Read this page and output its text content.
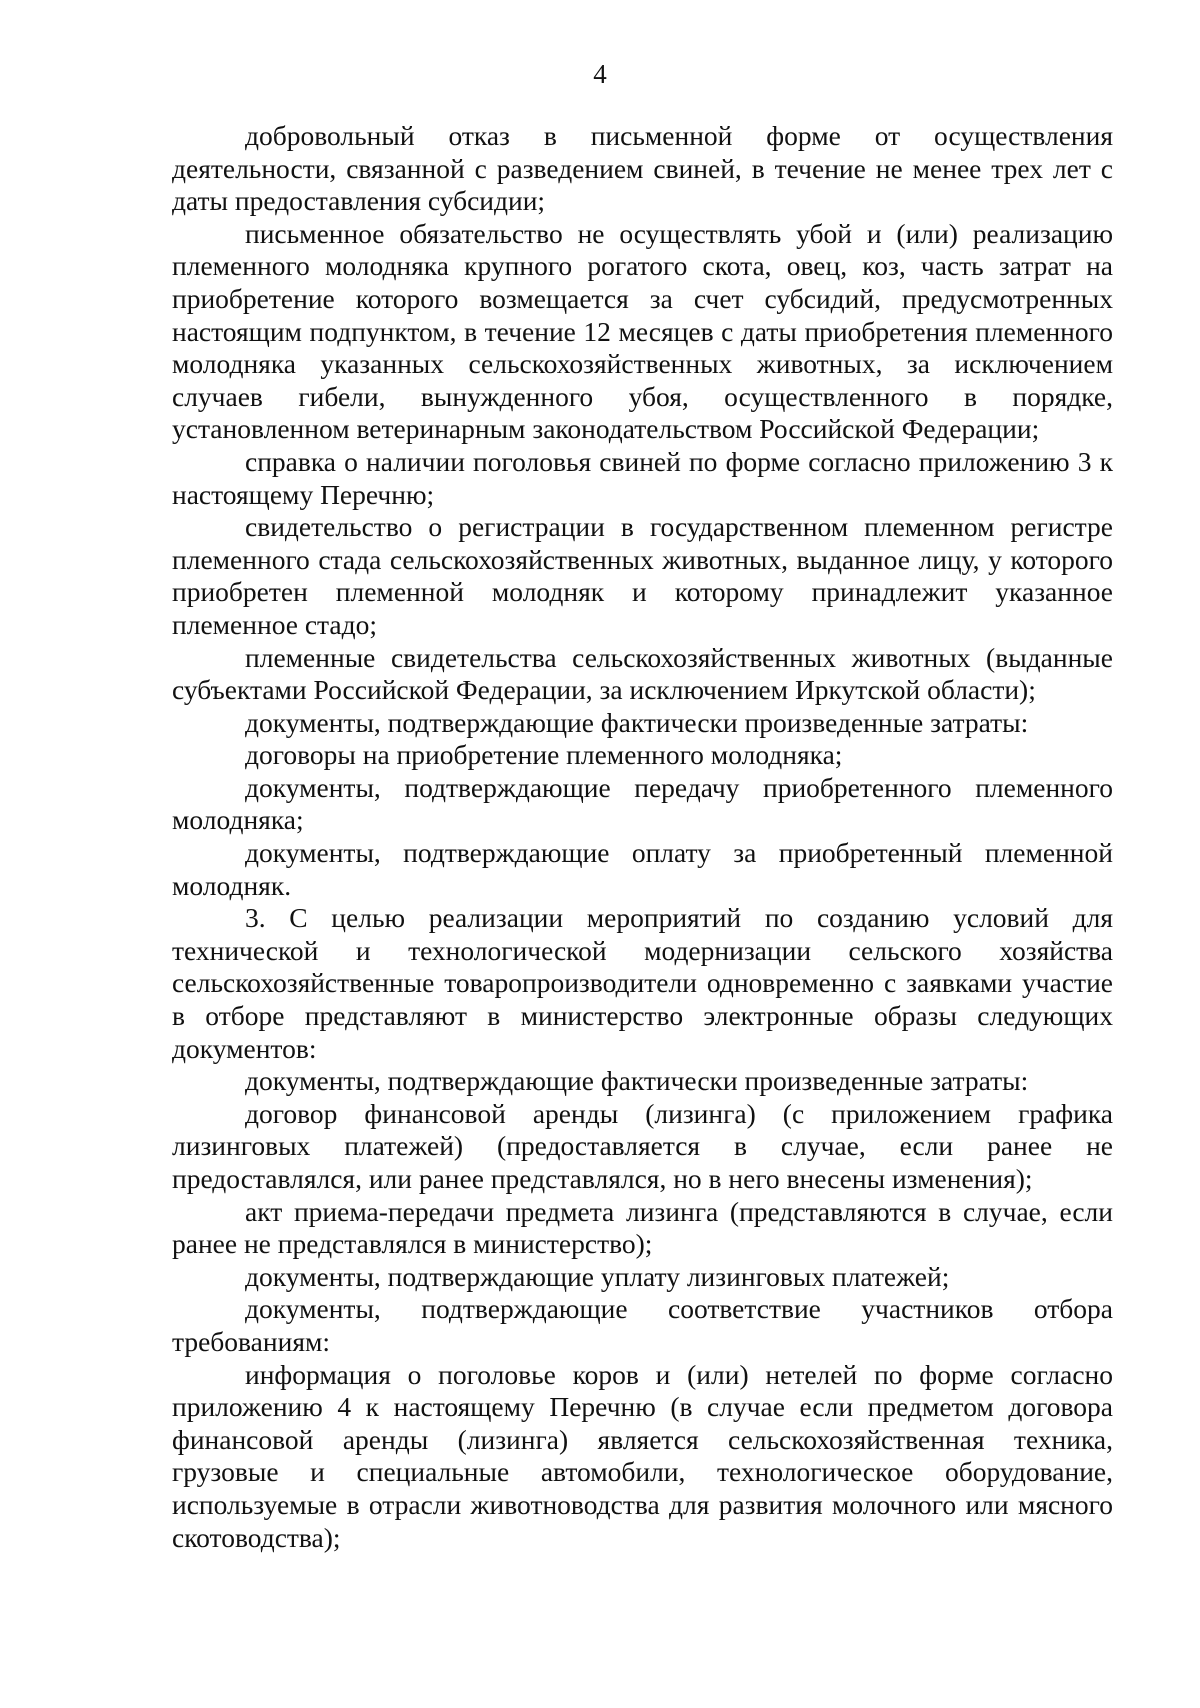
4

добровольный отказ в письменной форме от осуществления деятельности, связанной с разведением свиней, в течение не менее трех лет с даты предоставления субсидии;

письменное обязательство не осуществлять убой и (или) реализацию племенного молодняка крупного рогатого скота, овец, коз, часть затрат на приобретение которого возмещается за счет субсидий, предусмотренных настоящим подпунктом, в течение 12 месяцев с даты приобретения племенного молодняка указанных сельскохозяйственных животных, за исключением случаев гибели, вынужденного убоя, осуществленного в порядке, установленном ветеринарным законодательством Российской Федерации;

справка о наличии поголовья свиней по форме согласно приложению 3 к настоящему Перечню;

свидетельство о регистрации в государственном племенном регистре племенного стада сельскохозяйственных животных, выданное лицу, у которого приобретен племенной молодняк и которому принадлежит указанное племенное стадо;

племенные свидетельства сельскохозяйственных животных (выданные субъектами Российской Федерации, за исключением Иркутской области);

документы, подтверждающие фактически произведенные затраты:

договоры на приобретение племенного молодняка;

документы, подтверждающие передачу приобретенного племенного молодняка;

документы, подтверждающие оплату за приобретенный племенной молодняк.

3. С целью реализации мероприятий по созданию условий для технической и технологической модернизации сельского хозяйства сельскохозяйственные товаропроизводители одновременно с заявками участие в отборе представляют в министерство электронные образы следующих документов:

документы, подтверждающие фактически произведенные затраты:

договор финансовой аренды (лизинга) (с приложением графика лизинговых платежей) (предоставляется в случае, если ранее не предоставлялся, или ранее представлялся, но в него внесены изменения);

акт приема-передачи предмета лизинга (представляются в случае, если ранее не представлялся в министерство);

документы, подтверждающие уплату лизинговых платежей;

документы, подтверждающие соответствие участников отбора требованиям:

информация о поголовье коров и (или) нетелей по форме согласно приложению 4 к настоящему Перечню (в случае если предметом договора финансовой аренды (лизинга) является сельскохозяйственная техника, грузовые и специальные автомобили, технологическое оборудование, используемые в отрасли животноводства для развития молочного или мясного скотоводства);
